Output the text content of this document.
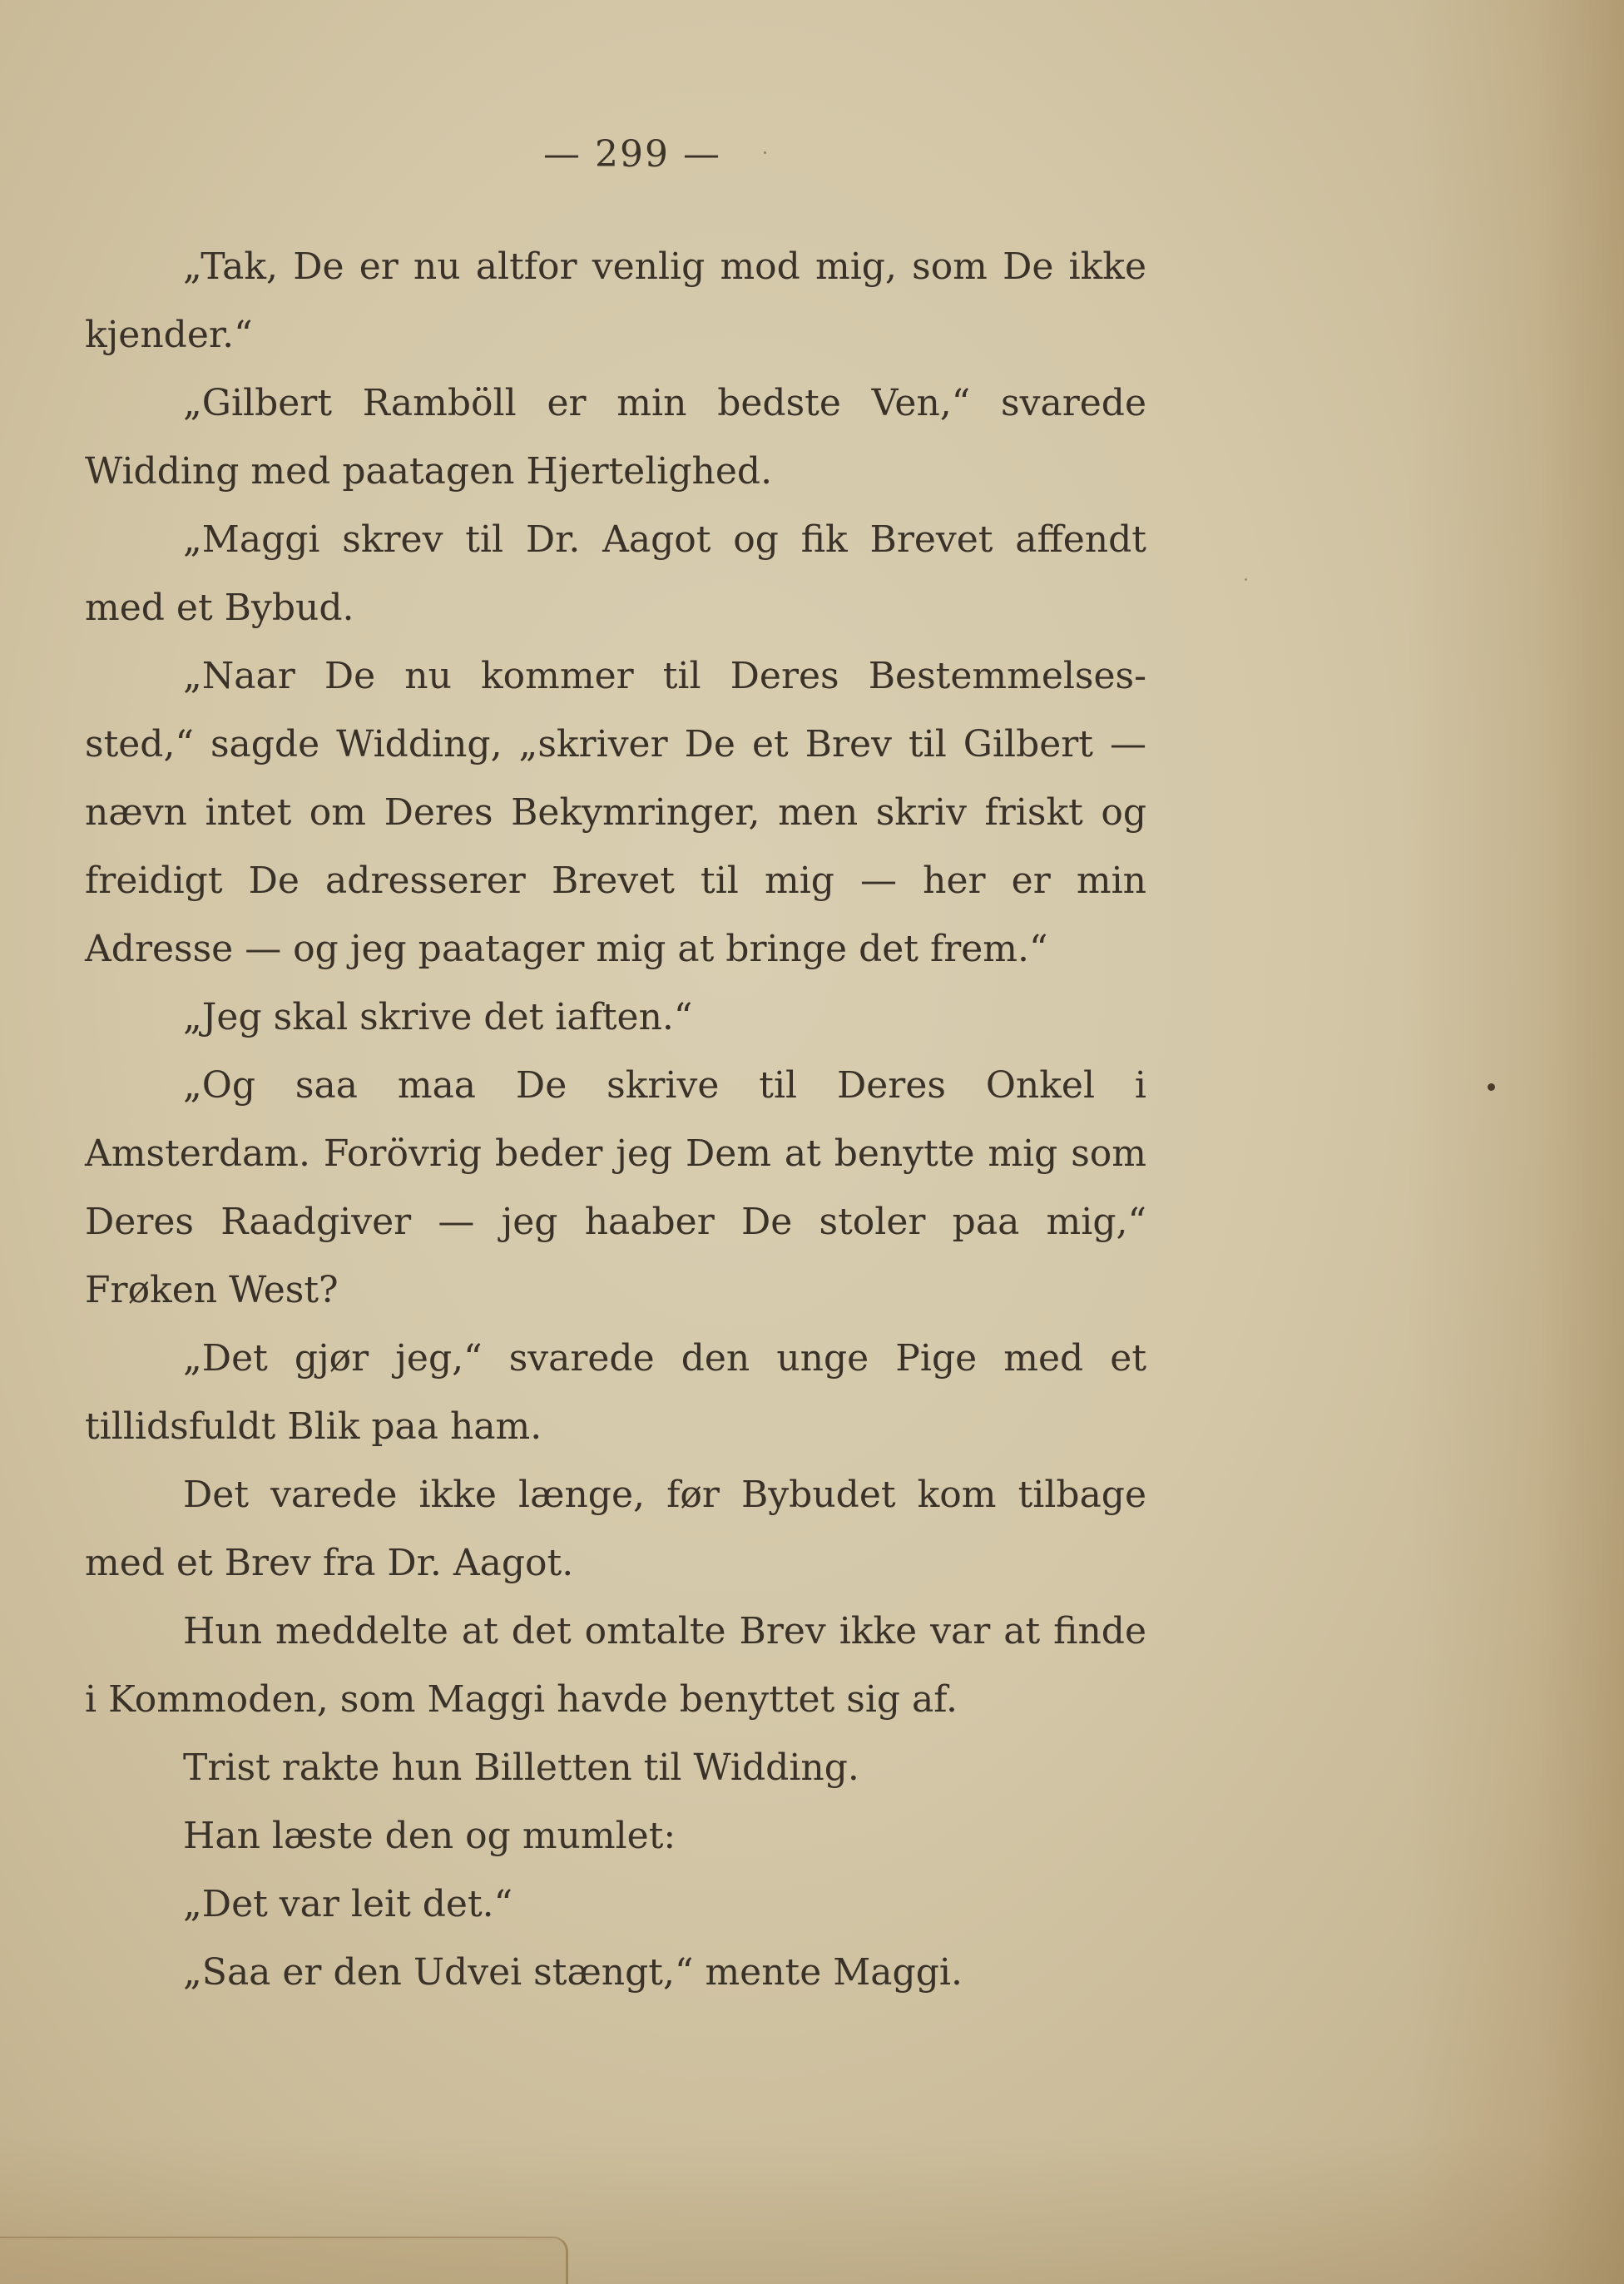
— 299 —

„Tak, De er nu altfor venlig mod mig, som De ikke kjender.“

„Gilbert Ramböll er min bedste Ven,“ svarede Widding med paatagen Hjertelighed.

„Maggi skrev til Dr. Aagot og fik Brevet affendt med et Bybud.

„Naar De nu kommer til Deres Bestemmelses-sted,“ sagde Widding, „skriver De et Brev til Gilbert — nævn intet om Deres Bekymringer, men skriv friskt og freidigt De adresserer Brevet til mig — her er min Adresse — og jeg paatager mig at bringe det frem.“

„Jeg skal skrive det iaften.“

„Og saa maa De skrive til Deres Onkel i Amsterdam. Forövrig beder jeg Dem at benytte mig som Deres Raadgiver — jeg haaber De stoler paa mig,“ Frøken West?

„Det gjør jeg,“ svarede den unge Pige med et tillidsfuldt Blik paa ham.

Det varede ikke længe, før Bybudet kom tilbage med et Brev fra Dr. Aagot.

Hun meddelte at det omtalte Brev ikke var at finde i Kommoden, som Maggi havde benyttet sig af.

Trist rakte hun Billetten til Widding.

Han læste den og mumlet:

„Det var leit det.“

„Saa er den Udvei stængt,“ mente Maggi.
